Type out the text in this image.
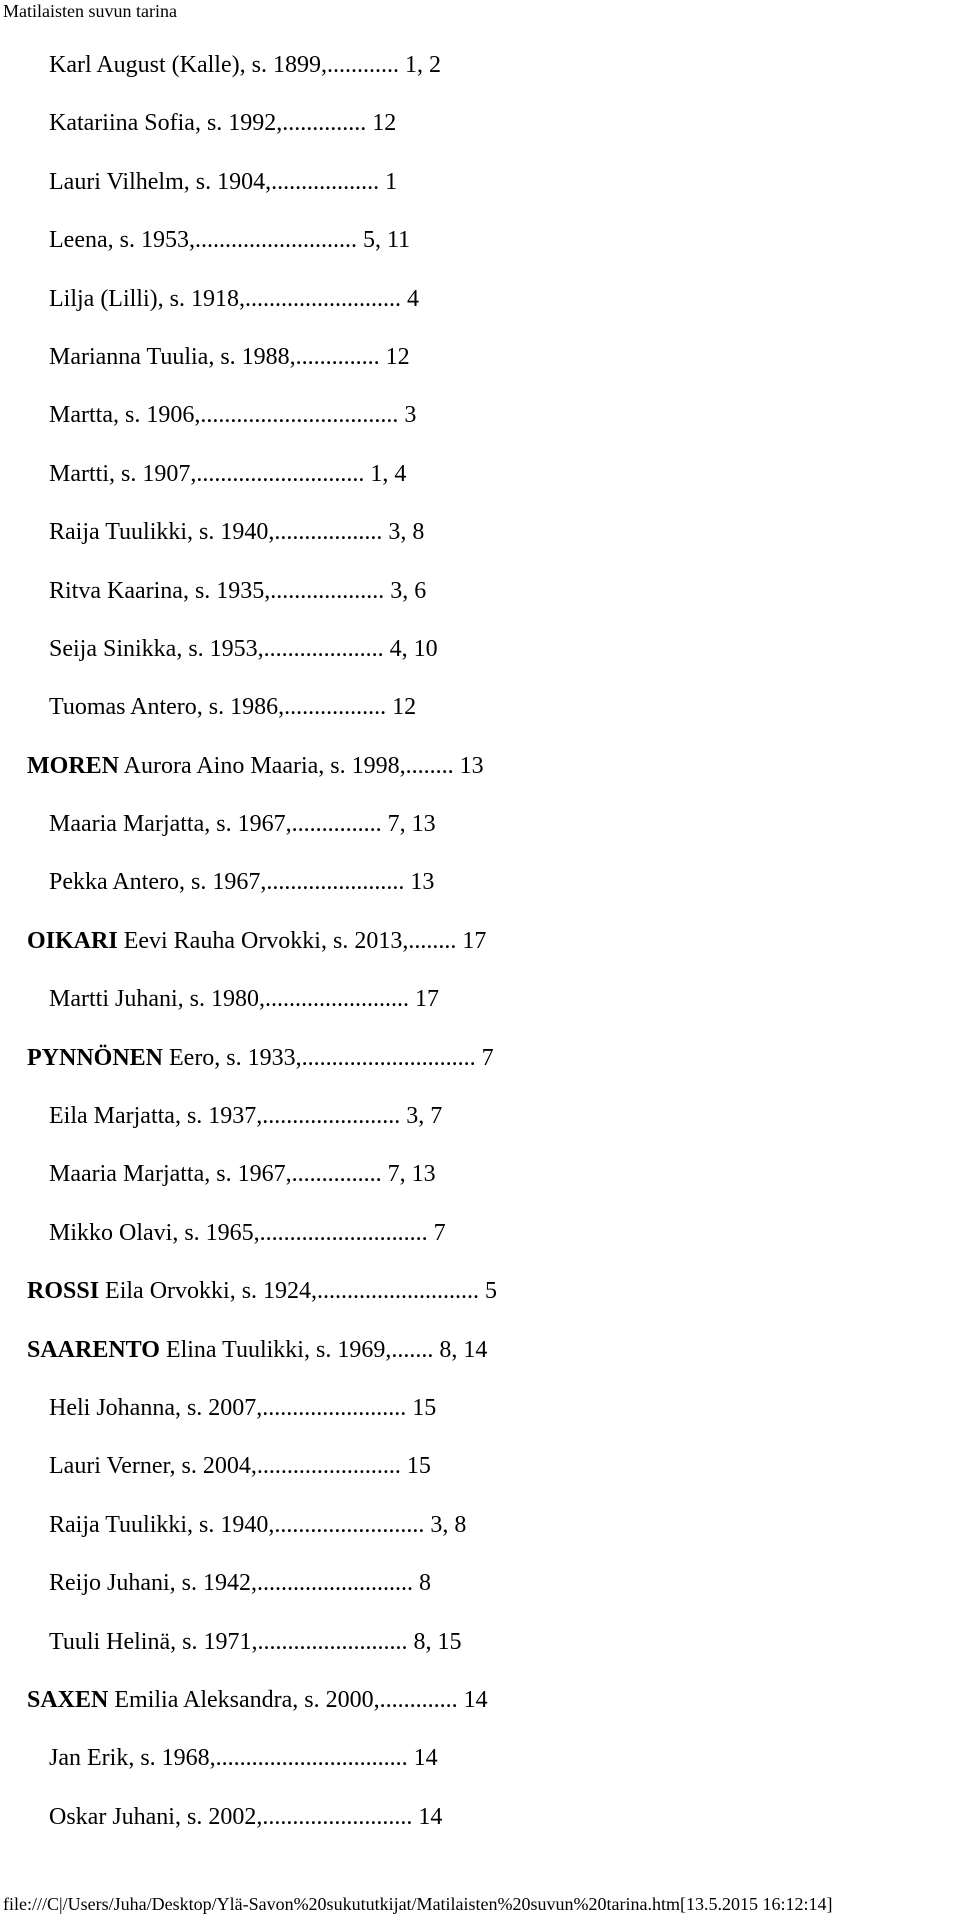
Matilaisten suvun tarina
Karl August (Kalle), s. 1899,............ 1, 2
Katariina Sofia, s. 1992,.............. 12
Lauri Vilhelm, s. 1904,.................. 1
Leena, s. 1953,........................... 5, 11
Lilja (Lilli), s. 1918,.......................... 4
Marianna Tuulia, s. 1988,.............. 12
Martta, s. 1906,................................. 3
Martti, s. 1907,............................ 1, 4
Raija Tuulikki, s. 1940,.................. 3, 8
Ritva Kaarina, s. 1935,................... 3, 6
Seija Sinikka, s. 1953,.................... 4, 10
Tuomas Antero, s. 1986,................. 12
MOREN Aurora Aino Maaria, s. 1998,........ 13
Maaria Marjatta, s. 1967,............... 7, 13
Pekka Antero, s. 1967,....................... 13
OIKARI Eevi Rauha Orvokki, s. 2013,........ 17
Martti Juhani, s. 1980,........................ 17
PYNNÖNEN Eero, s. 1933,............................. 7
Eila Marjatta, s. 1937,....................... 3, 7
Maaria Marjatta, s. 1967,............... 7, 13
Mikko Olavi, s. 1965,............................ 7
ROSSI Eila Orvokki, s. 1924,........................... 5
SAARENTO Elina Tuulikki, s. 1969,....... 8, 14
Heli Johanna, s. 2007,........................ 15
Lauri Verner, s. 2004,........................ 15
Raija Tuulikki, s. 1940,......................... 3, 8
Reijo Juhani, s. 1942,.......................... 8
Tuuli Helinä, s. 1971,......................... 8, 15
SAXEN Emilia Aleksandra, s. 2000,............. 14
Jan Erik, s. 1968,................................ 14
Oskar Juhani, s. 2002,......................... 14
file:///C|/Users/Juha/Desktop/Ylä-Savon%20sukututkijat/Matilaisten%20suvun%20tarina.htm[13.5.2015 16:12:14]
